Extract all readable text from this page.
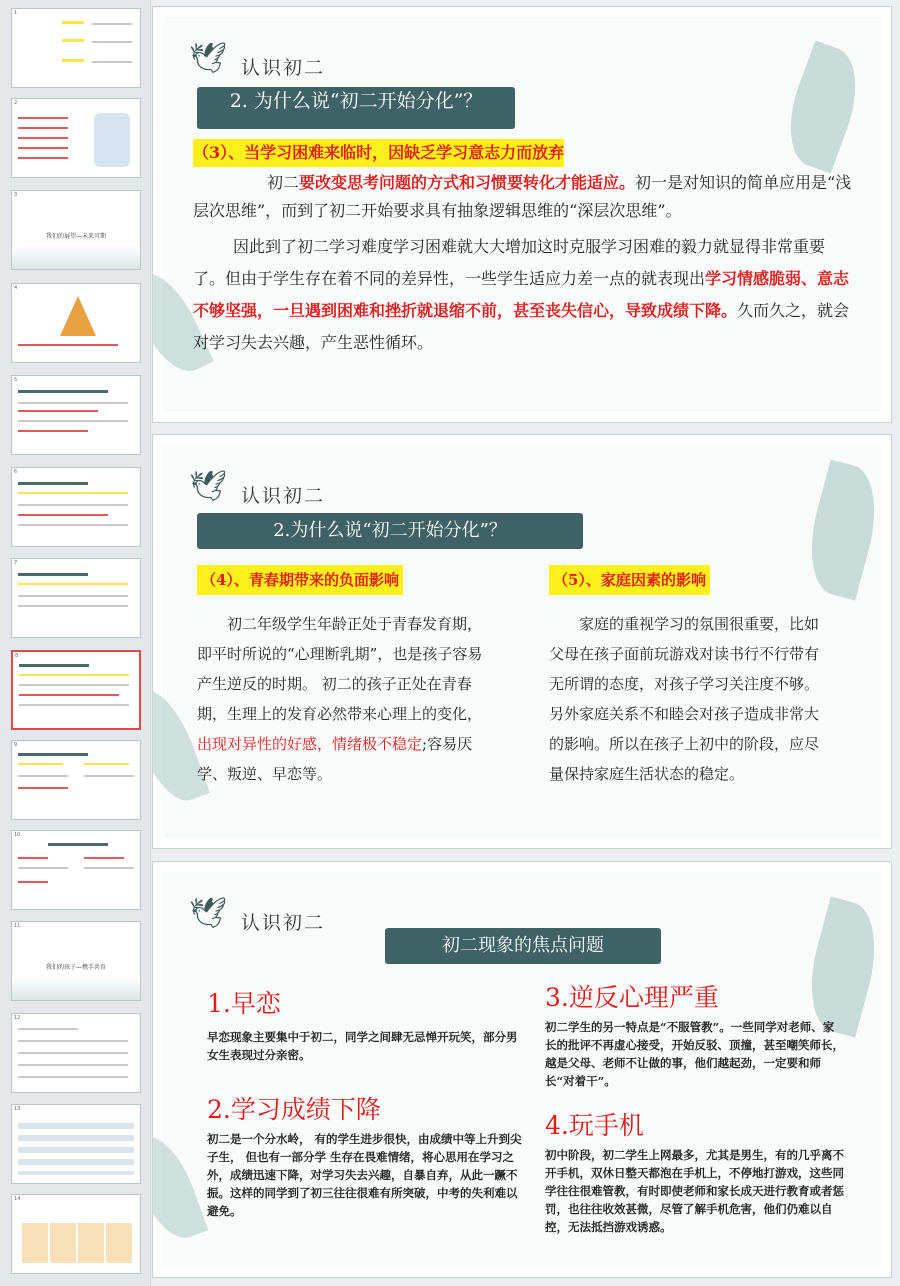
1
2
3
我们的展望—未来可期
4
5
6
7
8
9
10
11
我们的孩子—携手共育
12
13
14
🕊 认识初二
2. 为什么说“初二开始分化”？

（3）、当学习困难来临时，因缺乏学习意志力而放弃

初二要改变思考问题的方式和习惯要转化才能适应。初一是对知识的简单应用是“浅层次思维”，而到了初二开始要求具有抽象逻辑思维的“深层次思维”。

因此到了初二学习难度学习困难就大大增加这时克服学习困难的毅力就显得非常重要了。但由于学生存在着不同的差异性，一些学生适应力差一点的就表现出学习情感脆弱、意志不够坚强，一旦遇到困难和挫折就退缩不前，甚至丧失信心，导致成绩下降。久而久之，就会对学习失去兴趣，产生恶性循环。

🕊 认识初二
2.为什么说“初二开始分化”？

（4）、青春期带来的负面影响

初二年级学生年龄正处于青春发育期，即平时所说的“心理断乳期”，也是孩子容易产生逆反的时期。 初二的孩子正处在青春期，生理上的发育必然带来心理上的变化，出现对异性的好感，情绪极不稳定;容易厌学、叛逆、早恋等。

（5）、家庭因素的影响

家庭的重视学习的氛围很重要，比如父母在孩子面前玩游戏对读书行不行带有无所谓的态度，对孩子学习关注度不够。另外家庭关系不和睦会对孩子造成非常大的影响。所以在孩子上初中的阶段，应尽量保持家庭生活状态的稳定。

🕊 认识初二
初二现象的焦点问题
1.早恋
早恋现象主要集中于初二，同学之间肆无忌惮开玩笑，部分男女生表现过分亲密。
2.学习成绩下降
初二是一个分水岭， 有的学生进步很快，由成绩中等上升到尖子生， 但也有一部分学 生存在畏难情绪，将心思用在学习之外，成绩迅速下降，对学习失去兴趣，自暴自弃，从此一蹶不振。这样的同学到了初三往往很难有所突破，中考的失利难以避免。
3.逆反心理严重
初二学生的另一特点是“不服管教”。一些同学对老师、家长的批评不再虚心接受，开始反驳、顶撞，甚至嘲笑师长，越是父母、老师不让做的事，他们越起劲，一定要和师长“对着干”。
4.玩手机
初中阶段，初二学生上网最多，尤其是男生，有的几乎离不开手机，双休日整天都泡在手机上，不停地打游戏，这些同学往往很难管教，有时即使老师和家长成天进行教育或者惩罚，也往往收效甚微，尽管了解手机危害，他们仍难以自控，无法抵挡游戏诱惑。
